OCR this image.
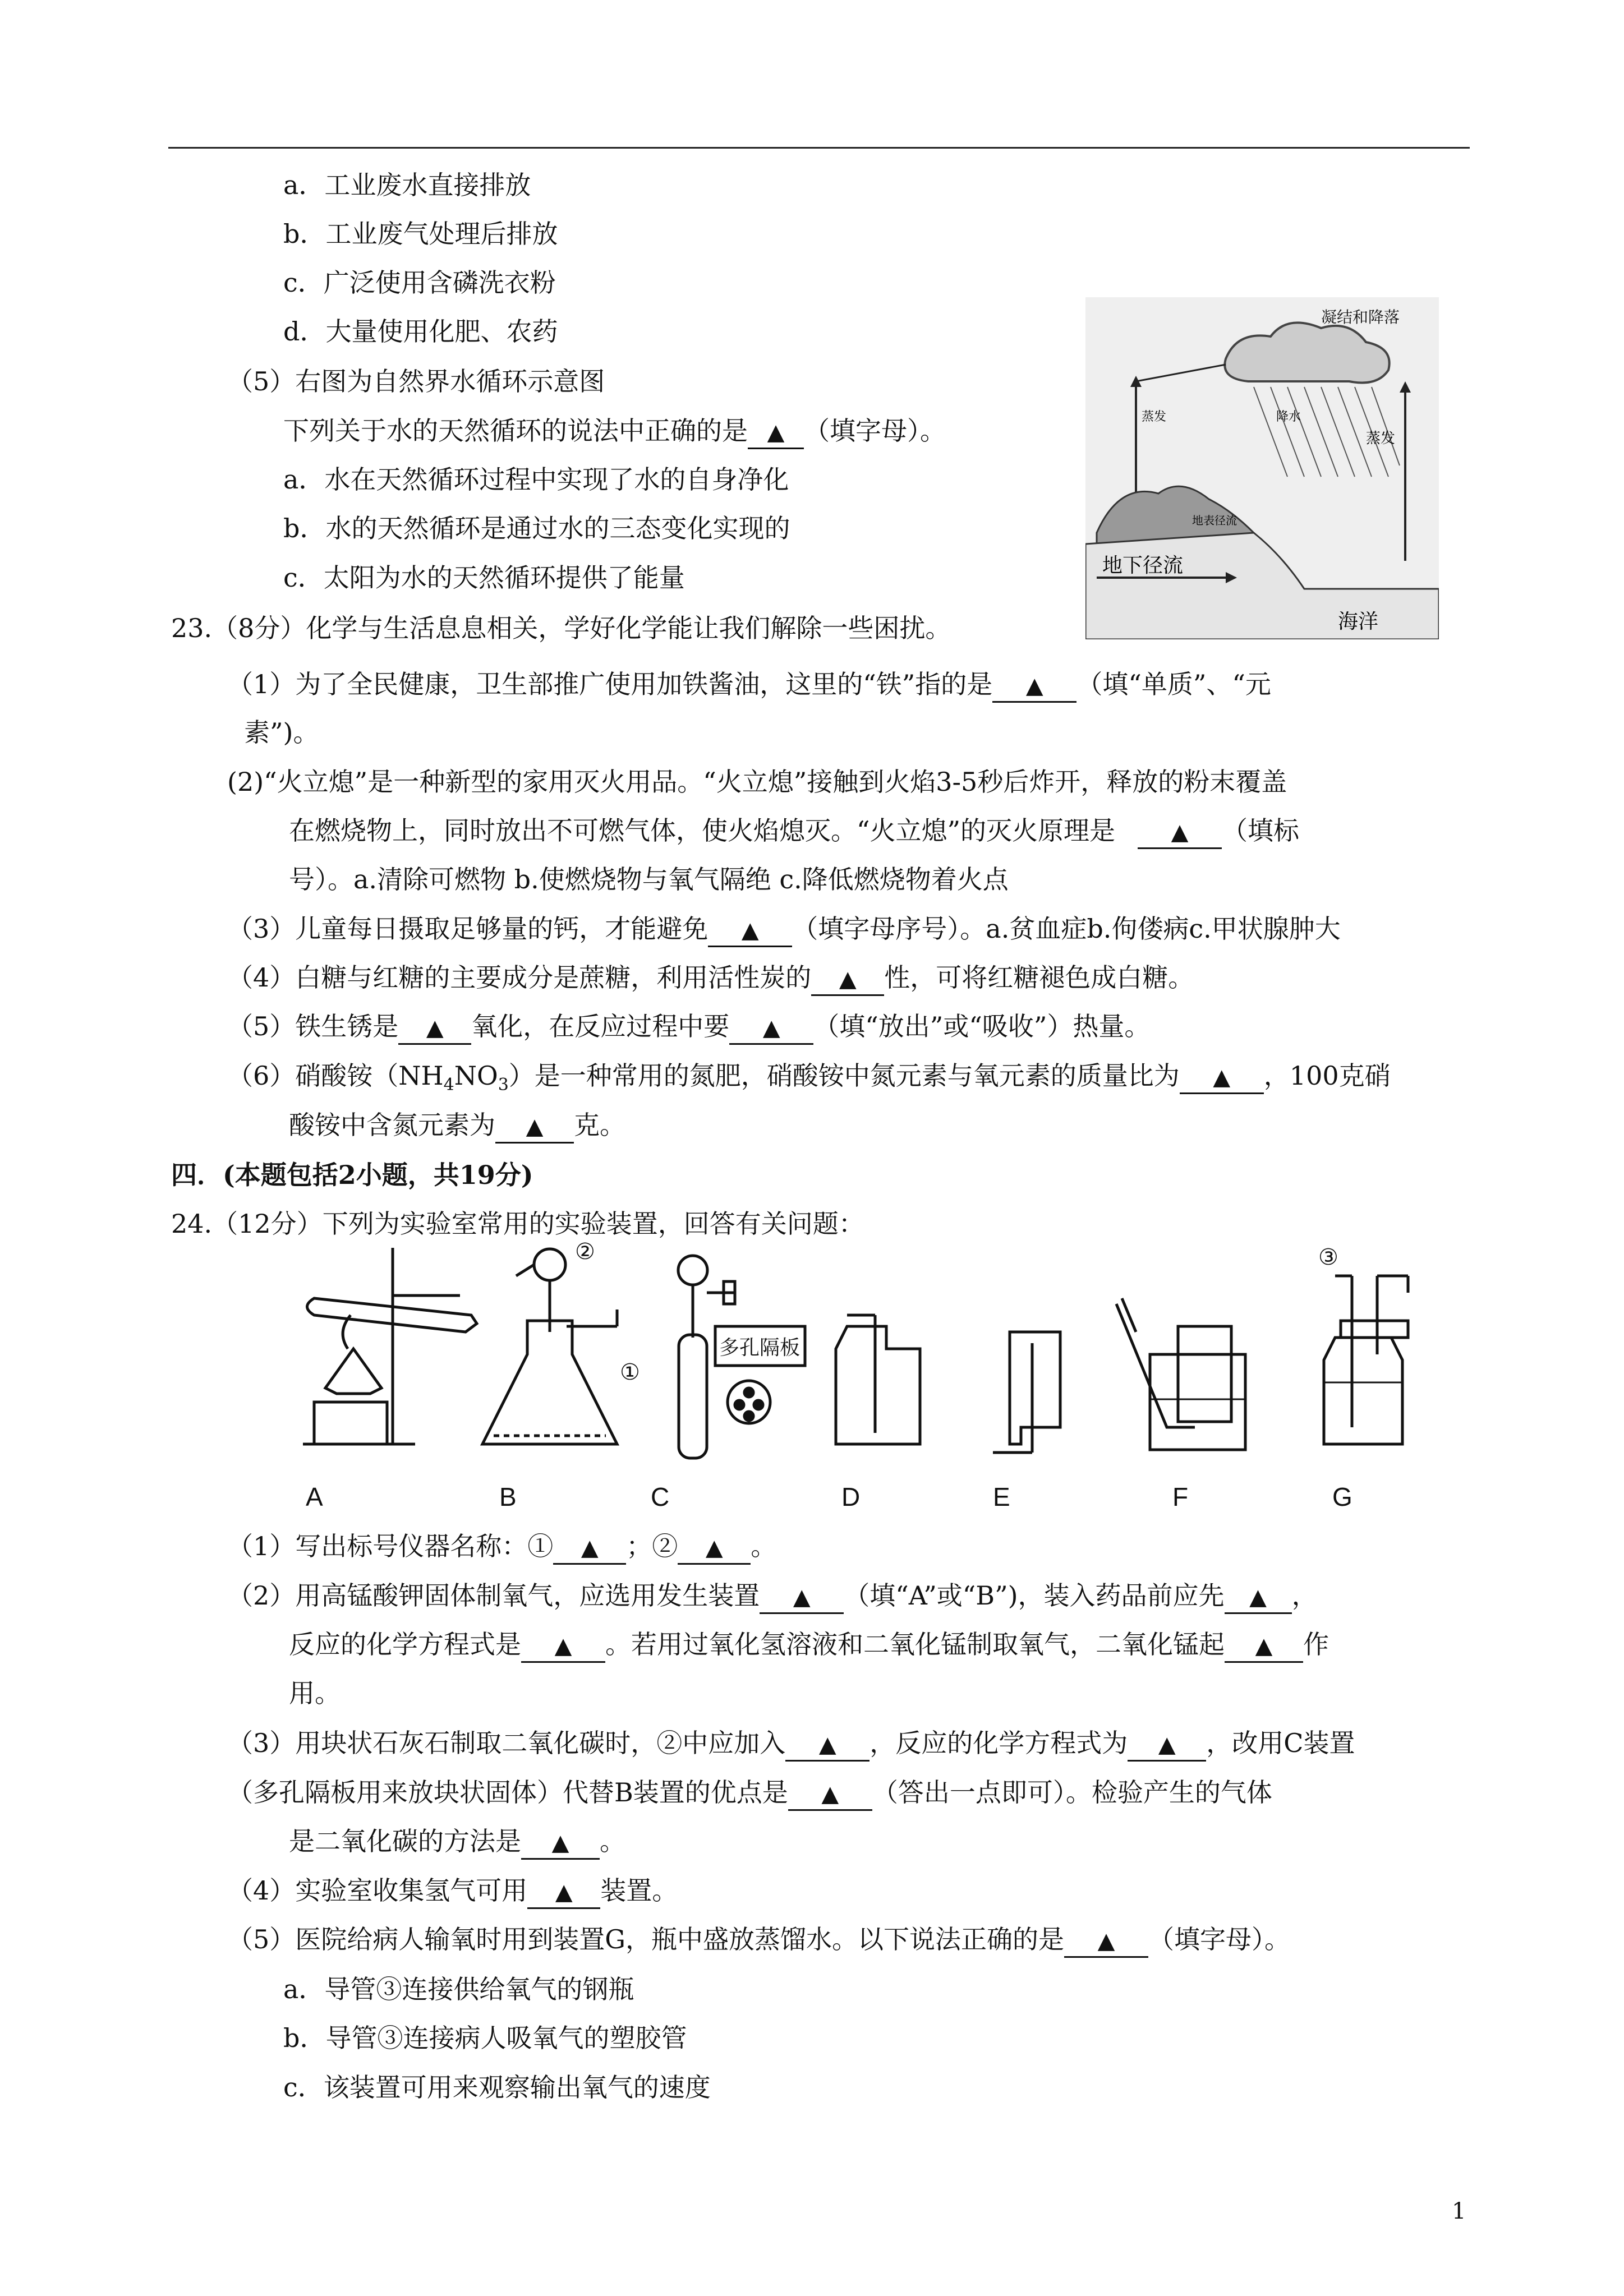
a．工业废水直接排放
b．工业废气处理后排放
c．广泛使用含磷洗衣粉
d．大量使用化肥、农药
（5）右图为自然界水循环示意图
下列关于水的天然循环的说法中正确的是 ▲ （填字母）。
a．水在天然循环过程中实现了水的自身净化
b．水的天然循环是通过水的三态变化实现的
c．太阳为水的天然循环提供了能量
凝结和降落
降水
蒸发
蒸发
地表径流
地下径流
海洋
23.（8分）化学与生活息息相关，学好化学能让我们解除一些困扰。
（1）为了全民健康，卫生部推广使用加铁酱油，这里的“铁”指的是 ▲ （填“单质”、“元
素”)。
(2)“火立熄”是一种新型的家用灭火用品。“火立熄”接触到火焰3-5秒后炸开，释放的粉末覆盖
在燃烧物上，同时放出不可燃气体，使火焰熄灭。“火立熄”的灭火原理是 ▲ （填标
号）。a.清除可燃物 b.使燃烧物与氧气隔绝 c.降低燃烧物着火点
（3）儿童每日摄取足够量的钙，才能避免 ▲ （填字母序号）。a.贫血症b.佝偻病c.甲状腺肿大
（4）白糖与红糖的主要成分是蔗糖，利用活性炭的 ▲ 性，可将红糖褪色成白糖。
（5）铁生锈是 ▲ 氧化，在反应过程中要 ▲ （填“放出”或“吸收”）热量。
（6）硝酸铵$(NH_4NO_3)$是一种常用的氮肥，硝酸铵中氮元素与氧元素的质量比为 ▲ ，100克硝
酸铵中含氮元素为 ▲ 克。
四．(本题包括2小题，共19分)
24.（12分）下列为实验室常用的实验装置，回答有关问题：
②
①
多孔隔板
③
A	B	C	D	E	F	G
（1）写出标号仪器名称：① ▲ ；② ▲ 。
（2）用高锰酸钾固体制氧气，应选用发生装置 ▲ （填“A”或“B”)，装入药品前应先 ▲ ，
反应的化学方程式是 ▲ 。若用过氧化氢溶液和二氧化锰制取氧气，二氧化锰起 ▲ 作
用。
（3）用块状石灰石制取二氧化碳时，②中应加入 ▲ ，反应的化学方程式为 ▲ ，改用C装置
（多孔隔板用来放块状固体）代替B装置的优点是 ▲ （答出一点即可）。检验产生的气体
是二氧化碳的方法是 ▲ 。
（4）实验室收集氢气可用 ▲ 装置。
（5）医院给病人输氧时用到装置G，瓶中盛放蒸馏水。以下说法正确的是 ▲ （填字母）。
a．导管③连接供给氧气的钢瓶
b．导管③连接病人吸氧气的塑胶管
c．该装置可用来观察输出氧气的速度
1
